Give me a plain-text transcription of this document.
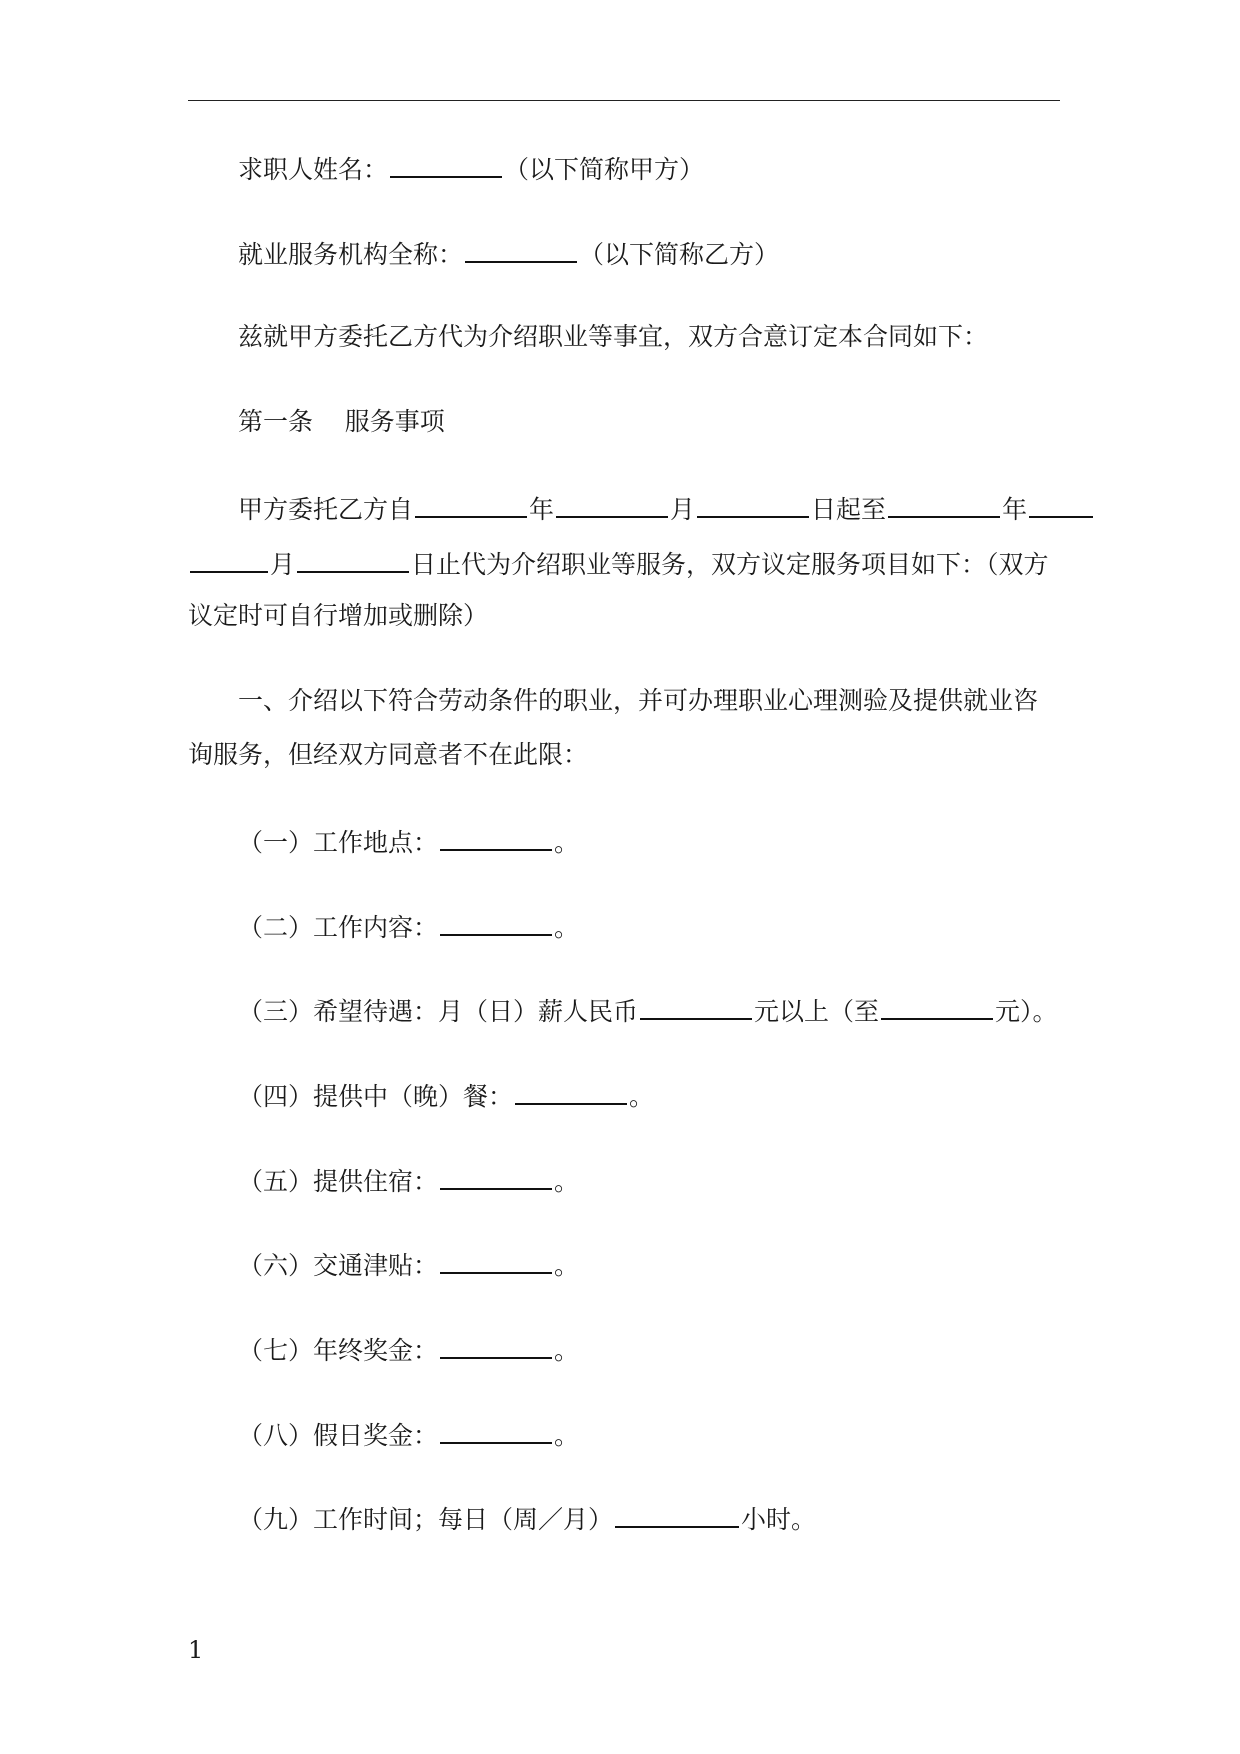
求职人姓名：	（以下简称甲方）
就业服务机构全称：	（以下简称乙方）
兹就甲方委托乙方代为介绍职业等事宜，双方合意订定本合同如下：
第一条    服务事项
甲方委托乙方自	年	月	日起至	年
月	日止代为介绍职业等服务，双方议定服务项目如下：（双方
议定时可自行增加或删除）
一、介绍以下符合劳动条件的职业，并可办理职业心理测验及提供就业咨
询服务，但经双方同意者不在此限：
（一）工作地点：	。
（二）工作内容：	。
（三）希望待遇：月（日）薪人民币	元以上（至	元）。
（四）提供中（晚）餐：	。
（五）提供住宿：	。
（六）交通津贴：	。
（七）年终奖金：	。
（八）假日奖金：	。
（九）工作时间；每日（周／月）	小时。
1
